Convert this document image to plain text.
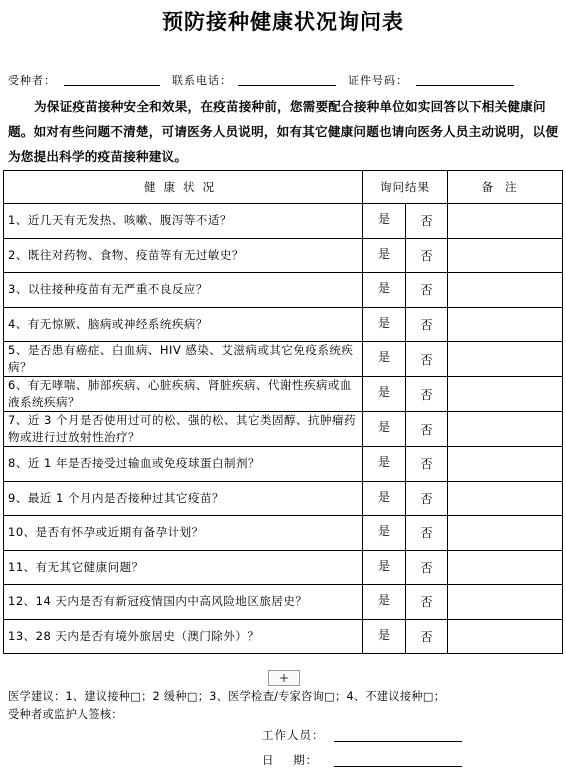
预防接种健康状况询问表
受种者：	联系电话：	证件号码：
为保证疫苗接种安全和效果，在疫苗接种前，您需要配合接种单位如实回答以下相关健康问题。如对有些问题不清楚，可请医务人员说明，如有其它健康问题也请向医务人员主动说明，以便为您提出科学的疫苗接种建议。
健康状况	询问结果		备注
1、近几天有无发热、咳嗽、腹泻等不适？	是	否	
2、既往对药物、食物、疫苗等有无过敏史？	是	否	
3、以往接种疫苗有无严重不良反应？	是	否	
4、有无惊厥、脑病或神经系统疾病？	是	否	
5、是否患有癌症、白血病、HIV 感染、艾滋病或其它免疫系统疾病？	是	否	
6、有无哮喘、肺部疾病、心脏疾病、肾脏疾病、代谢性疾病或血液系统疾病？	是	否	
7、近 3 个月是否使用过可的松、强的松、其它类固醇、抗肿瘤药物或进行过放射性治疗？	是	否	
8、近 1 年是否接受过输血或免疫球蛋白制剂？	是	否	
9、最近 1 个月内是否接种过其它疫苗？	是	否	
10、是否有怀孕或近期有备孕计划？	是	否	
11、有无其它健康问题？	是	否	
12、14 天内是否有新冠疫情国内中高风险地区旅居史？	是	否	
13、28 天内是否有境外旅居史（澳门除外）？	是	否	
+
医学建议：1、建议接种□；2 缓种□；3、医学检查/专家咨询□；4、不建议接种□；
受种者或监护人签核：
工作人员：
日    期：
